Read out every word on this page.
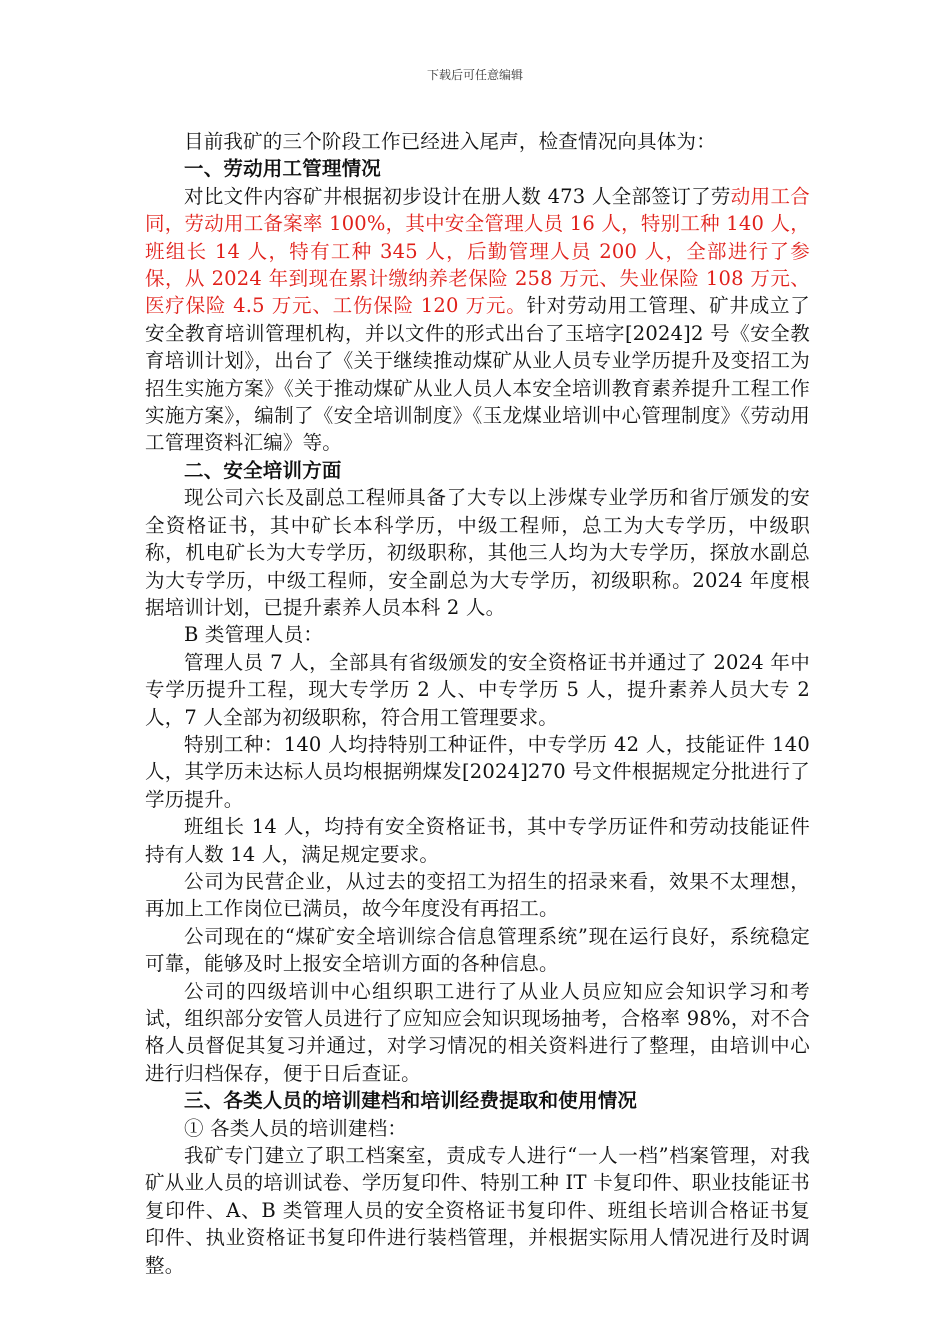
下载后可任意编辑

目前我矿的三个阶段工作已经进入尾声，检查情况向具体为：

一、劳动用工管理情况

对比文件内容矿井根据初步设计在册人数 473 人全部签订了劳动用工合同，劳动用工备案率 100%，其中安全管理人员 16 人，特别工种 140 人，班组长 14 人，特有工种 345 人，后勤管理人员 200 人，全部进行了参保，从 2024 年到现在累计缴纳养老保险 258 万元、失业保险 108 万元、医疗保险 4.5 万元、工伤保险 120 万元。针对劳动用工管理、矿井成立了安全教育培训管理机构，并以文件的形式出台了玉培字[2024]2 号《安全教育培训计划》，出台了《关于继续推动煤矿从业人员专业学历提升及变招工为招生实施方案》《关于推动煤矿从业人员人本安全培训教育素养提升工程工作实施方案》，编制了《安全培训制度》《玉龙煤业培训中心管理制度》《劳动用工管理资料汇编》等。

二、安全培训方面

现公司六长及副总工程师具备了大专以上涉煤专业学历和省厅颁发的安全资格证书，其中矿长本科学历，中级工程师，总工为大专学历，中级职称，机电矿长为大专学历，初级职称，其他三人均为大专学历，探放水副总为大专学历，中级工程师，安全副总为大专学历，初级职称。2024 年度根据培训计划，已提升素养人员本科 2 人。

B 类管理人员：

管理人员 7 人，全部具有省级颁发的安全资格证书并通过了 2024 年中专学历提升工程，现大专学历 2 人、中专学历 5 人，提升素养人员大专 2 人，7 人全部为初级职称，符合用工管理要求。

特别工种：140 人均持特别工种证件，中专学历 42 人，技能证件 140 人，其学历未达标人员均根据朔煤发[2024]270 号文件根据规定分批进行了学历提升。

班组长 14 人，均持有安全资格证书，其中专学历证件和劳动技能证件持有人数 14 人，满足规定要求。

公司为民营企业，从过去的变招工为招生的招录来看，效果不太理想，再加上工作岗位已满员，故今年度没有再招工。

公司现在的“煤矿安全培训综合信息管理系统”现在运行良好，系统稳定可靠，能够及时上报安全培训方面的各种信息。

公司的四级培训中心组织职工进行了从业人员应知应会知识学习和考试，组织部分安管人员进行了应知应会知识现场抽考，合格率 98%，对不合格人员督促其复习并通过，对学习情况的相关资料进行了整理，由培训中心进行归档保存，便于日后查证。

三、各类人员的培训建档和培训经费提取和使用情况

① 各类人员的培训建档：

我矿专门建立了职工档案室，责成专人进行“一人一档”档案管理，对我矿从业人员的培训试卷、学历复印件、特别工种 IT 卡复印件、职业技能证书复印件、A、B 类管理人员的安全资格证书复印件、班组长培训合格证书复印件、执业资格证书复印件进行装档管理，并根据实际用人情况进行及时调整。
